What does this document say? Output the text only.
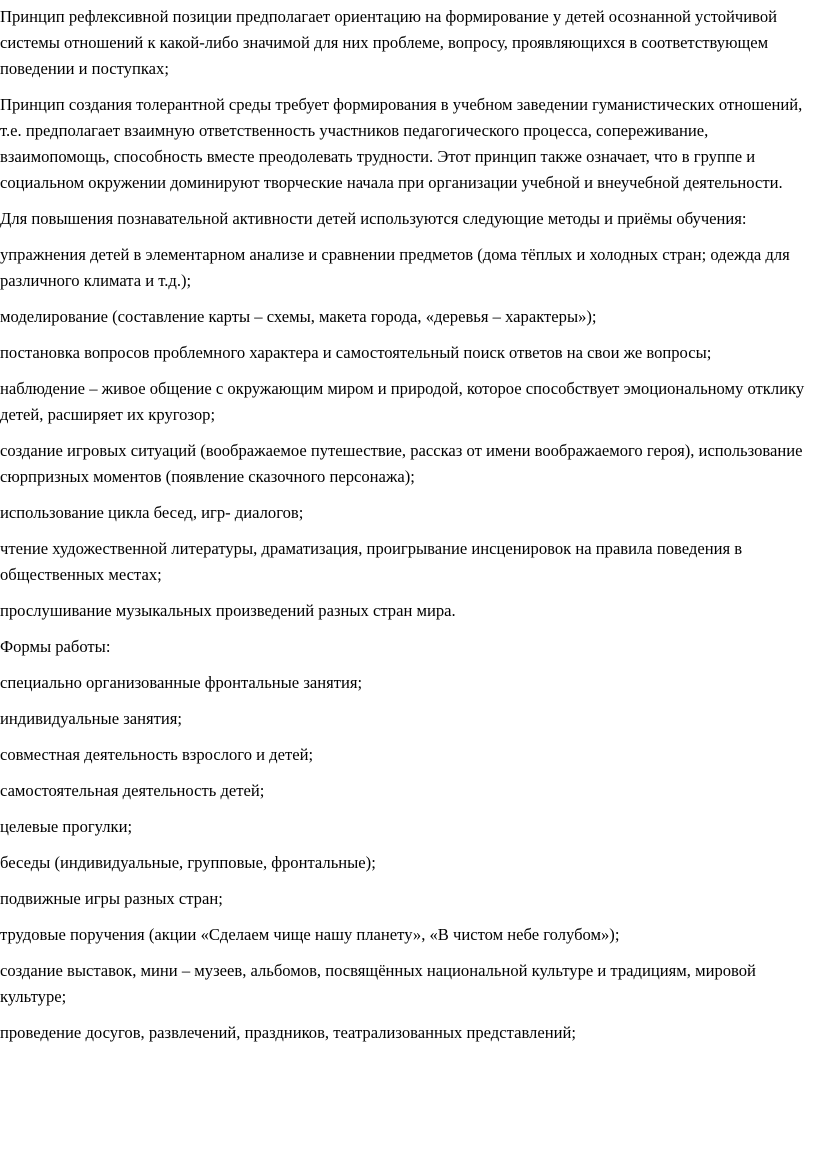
Принцип рефлексивной позиции предполагает ориентацию на формирование у детей осознанной устойчивой системы отношений к какой-либо значимой для них проблеме, вопросу, проявляющихся в соответствующем поведении и поступках;

Принцип создания толерантной среды требует формирования в учебном заведении гуманистических отношений, т.е. предполагает взаимную ответственность участников педагогического процесса, сопереживание, взаимопомощь, способность вместе преодолевать трудности. Этот принцип также означает, что в группе и социальном окружении доминируют творческие начала при организации учебной и внеучебной деятельности.

Для повышения познавательной активности детей используются следующие методы и приёмы обучения:

упражнения детей в элементарном анализе и сравнении предметов (дома тёплых и холодных стран; одежда для различного климата и т.д.);

моделирование (составление карты – схемы, макета города, «деревья – характеры»);

постановка вопросов проблемного характера и самостоятельный поиск ответов на свои же вопросы;

наблюдение – живое общение с окружающим миром и природой, которое способствует эмоциональному отклику детей, расширяет их кругозор;

создание игровых ситуаций (воображаемое путешествие, рассказ от имени воображаемого героя), использование сюрпризных моментов (появление сказочного персонажа);

использование цикла бесед, игр- диалогов;

чтение художественной литературы, драматизация, проигрывание инсценировок на правила поведения в общественных местах;

прослушивание музыкальных произведений разных стран мира.

Формы работы:

специально организованные фронтальные занятия;

индивидуальные занятия;

совместная деятельность взрослого и детей;

самостоятельная деятельность детей;

целевые прогулки;

беседы (индивидуальные, групповые, фронтальные);

подвижные игры разных стран;

трудовые поручения (акции «Сделаем чище нашу планету», «В чистом небе голубом»);

создание выставок, мини – музеев, альбомов, посвящённых национальной культуре и традициям, мировой культуре;

проведение досугов, развлечений, праздников, театрализованных представлений;
